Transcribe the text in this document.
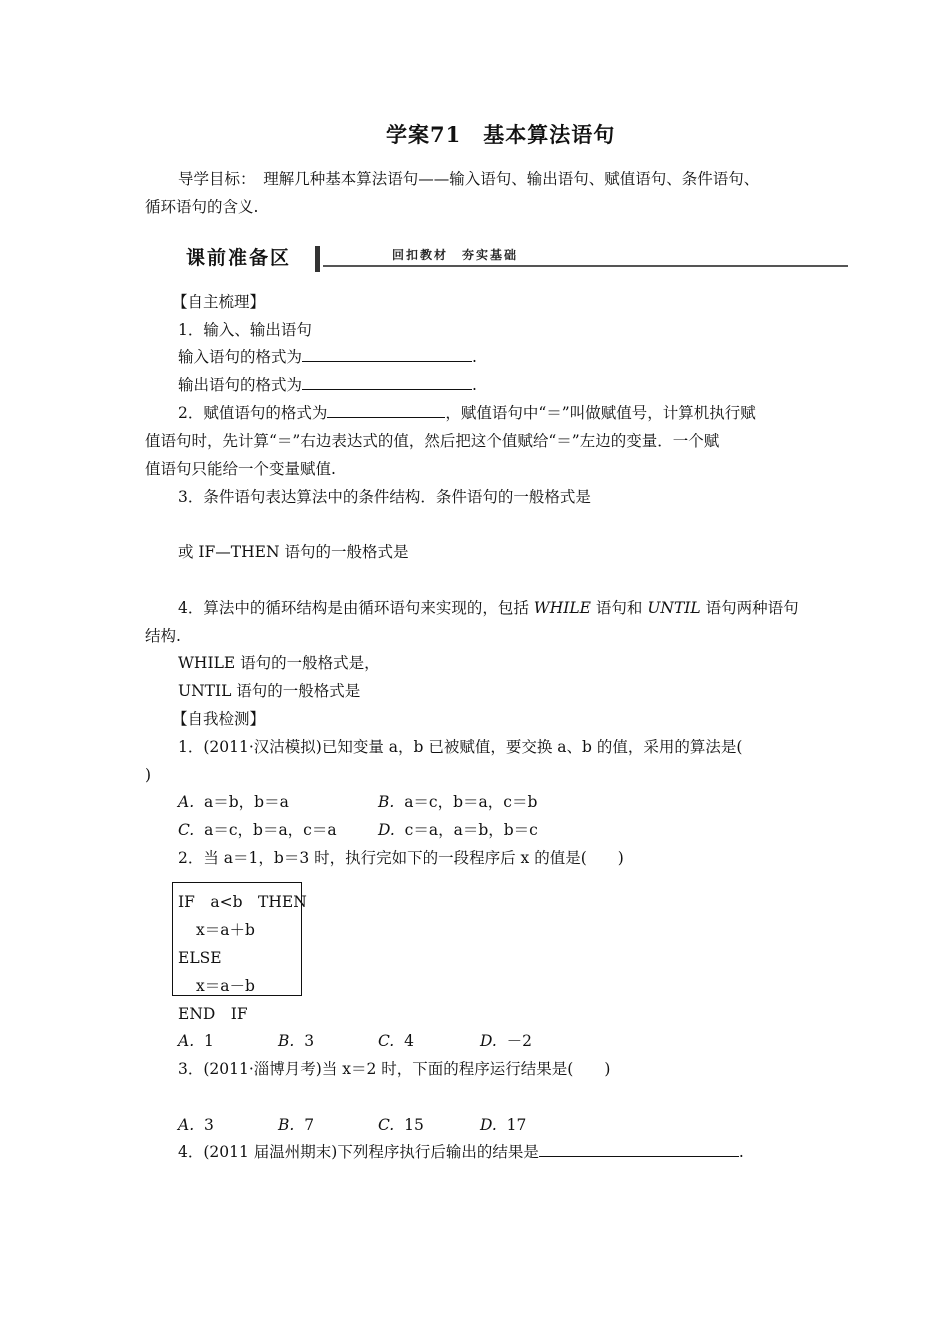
学案71　基本算法语句
导学目标：　理解几种基本算法语句——输入语句、输出语句、赋值语句、条件语句、
循环语句的含义.
课前准备区	回扣教材　夯实基础
【自主梳理】
1．输入、输出语句
输入语句的格式为	.
输出语句的格式为	.
2．赋值语句的格式为	，赋值语句中“＝”叫做赋值号，计算机执行赋
值语句时，先计算“＝”右边表达式的值，然后把这个值赋给“＝”左边的变量．一个赋
值语句只能给一个变量赋值.
3．条件语句表达算法中的条件结构．条件语句的一般格式是
或 IF—THEN 语句的一般格式是
4．算法中的循环结构是由循环语句来实现的，包括 WHILE 语句和 UNTIL 语句两种语句
结构.
WHILE 语句的一般格式是，
UNTIL 语句的一般格式是
【自我检测】
1．(2011·汉沽模拟)已知变量 a，b 已被赋值，要交换 a、b 的值，采用的算法是(
)
A. a＝b，b＝a	B. a＝c，b＝a，c＝b
C. a＝c，b＝a，c＝a	D. c＝a，a＝b，b＝c
2．当 a＝1，b＝3 时，执行完如下的一段程序后 x 的值是(　　)
IF　a<b　THEN
x＝a＋b
ELSE
x＝a－b
END　IF
A. 1	B. 3	C. 4	D. －2
3．(2011·淄博月考)当 x＝2 时，下面的程序运行结果是(　　)
A. 3	B. 7	C. 15	D. 17
4．(2011 届温州期末)下列程序执行后输出的结果是	.
